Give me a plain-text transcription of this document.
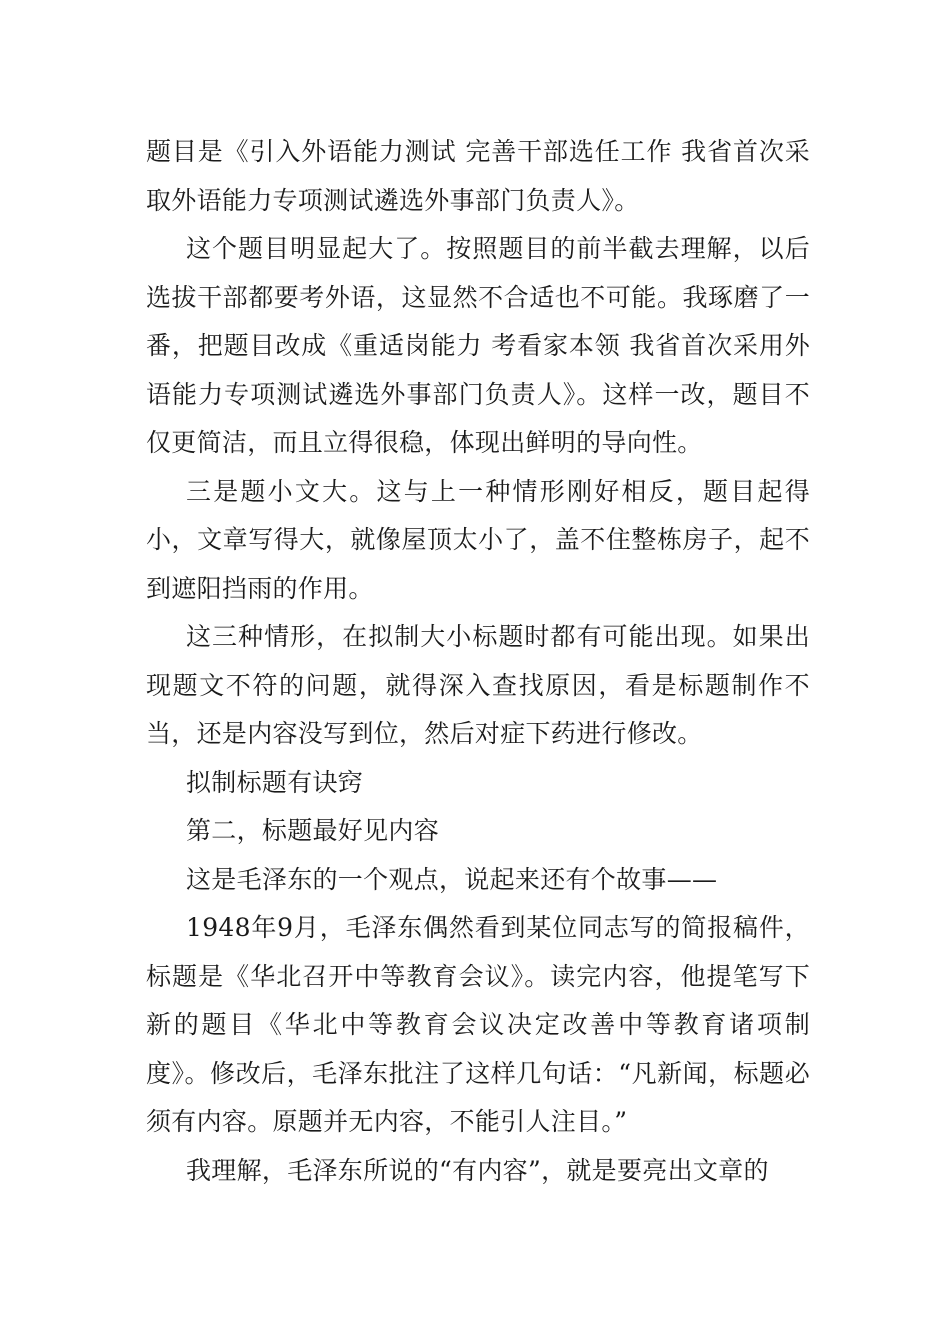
题目是《引入外语能力测试 完善干部选任工作 我省首次采取外语能力专项测试遴选外事部门负责人》。

这个题目明显起大了。按照题目的前半截去理解，以后选拔干部都要考外语，这显然不合适也不可能。我琢磨了一番，把题目改成《重适岗能力 考看家本领 我省首次采用外语能力专项测试遴选外事部门负责人》。这样一改，题目不仅更简洁，而且立得很稳，体现出鲜明的导向性。

三是题小文大。这与上一种情形刚好相反，题目起得小，文章写得大，就像屋顶太小了，盖不住整栋房子，起不到遮阳挡雨的作用。

这三种情形，在拟制大小标题时都有可能出现。如果出现题文不符的问题，就得深入查找原因，看是标题制作不当，还是内容没写到位，然后对症下药进行修改。

拟制标题有诀窍

第二，标题最好见内容

这是毛泽东的一个观点，说起来还有个故事——

1948年9月，毛泽东偶然看到某位同志写的简报稿件，标题是《华北召开中等教育会议》。读完内容，他提笔写下新的题目《华北中等教育会议决定改善中等教育诸项制度》。修改后，毛泽东批注了这样几句话：“凡新闻，标题必须有内容。原题并无内容，不能引人注目。”

我理解，毛泽东所说的“有内容”，就是要亮出文章的
